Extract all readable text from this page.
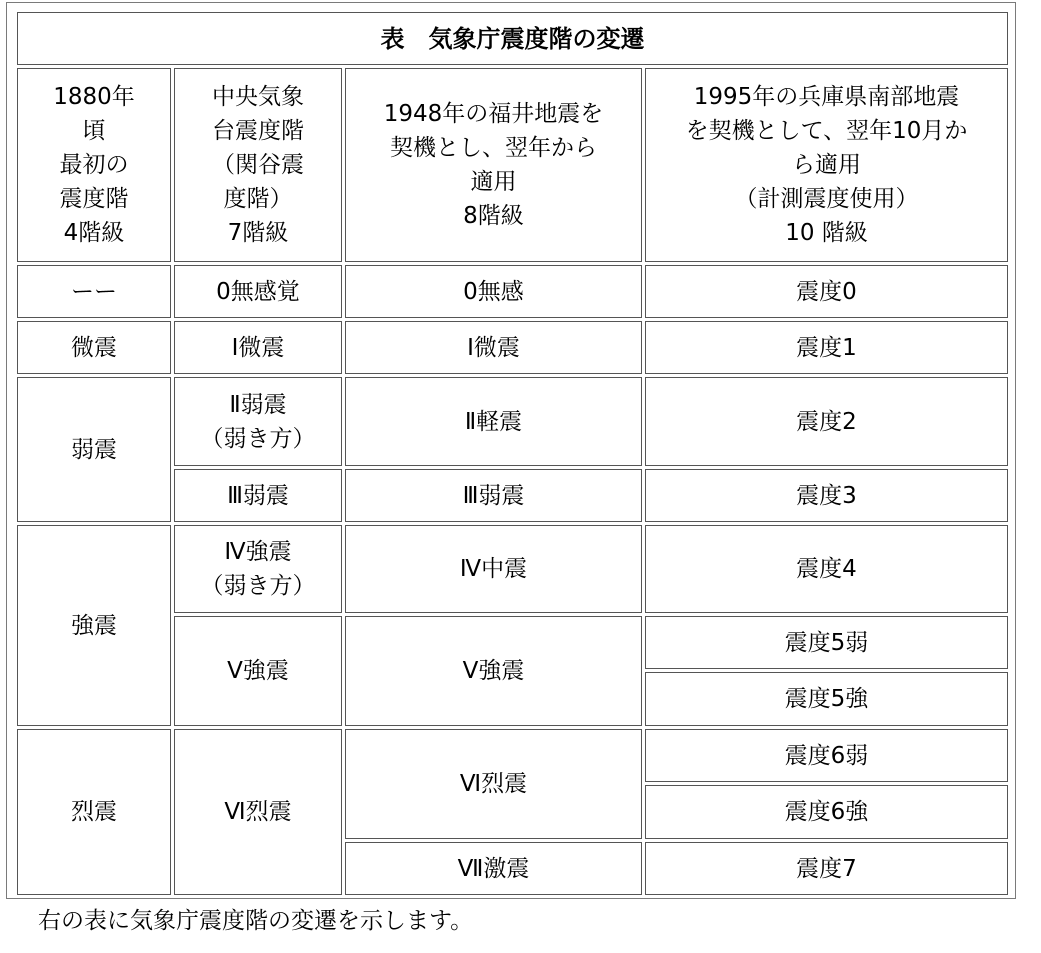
表　気象庁震度階の変遷
1880年
頃
最初の
震度階
4階級
中央気象
台震度階
（関谷震
度階）
7階級
1948年の福井地震を
契機とし、翌年から
適用
8階級
1995年の兵庫県南部地震
を契機として、翌年10月か
ら適用
（計測震度使用）
10 階級
ーー
微震
弱震
強震
烈震
0無感覚
Ⅰ微震
Ⅱ弱震
（弱き方）
Ⅲ弱震
Ⅳ強震
（弱き方）
Ⅴ強震
Ⅵ烈震
0無感
Ⅰ微震
Ⅱ軽震
Ⅲ弱震
Ⅳ中震
Ⅴ強震
Ⅵ烈震
Ⅶ激震
震度0
震度1
震度2
震度3
震度4
震度5弱
震度5強
震度6弱
震度6強
震度7
右の表に気象庁震度階の変遷を示します。
